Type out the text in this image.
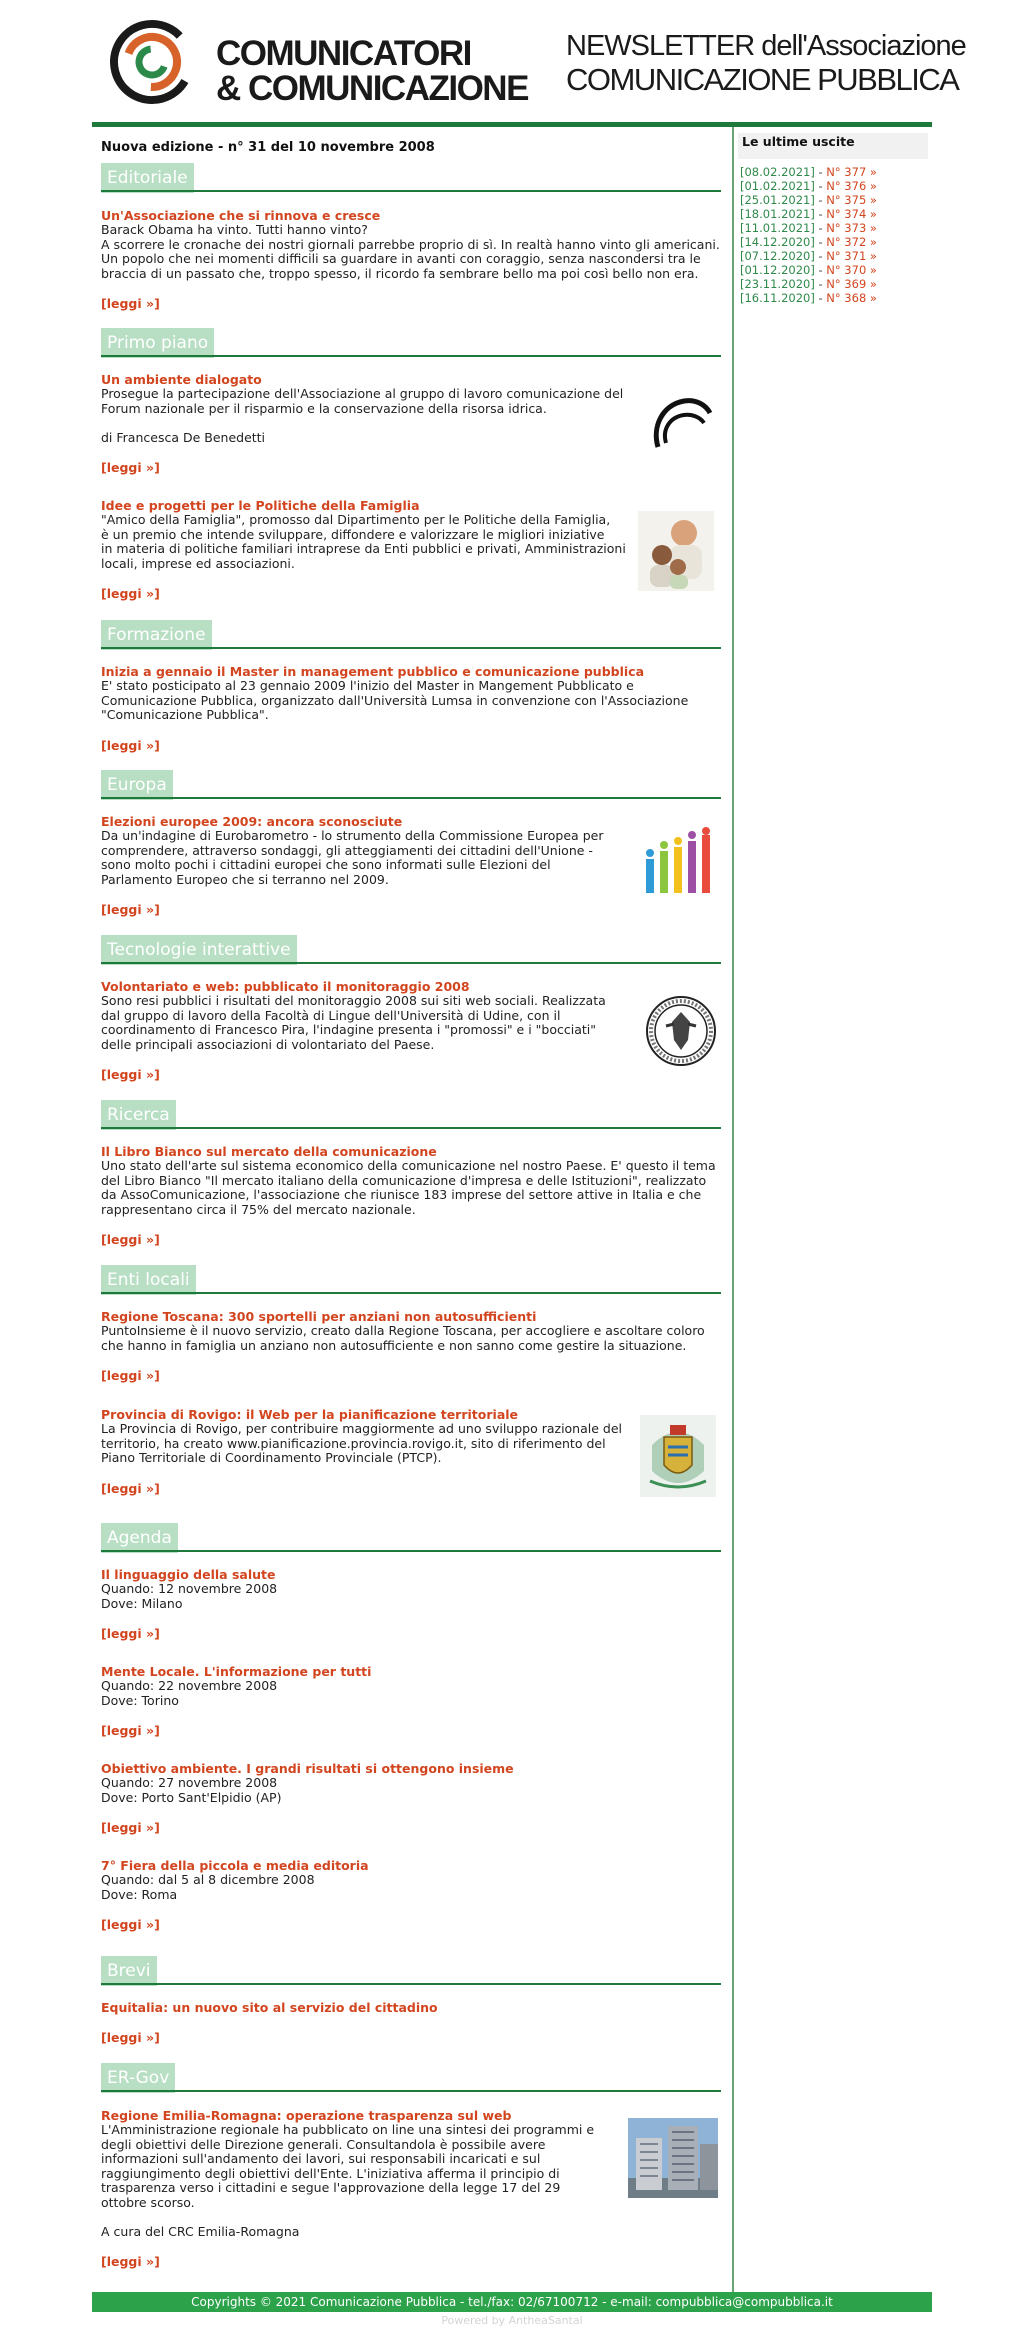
COMUNICATORI
& COMUNICAZIONE
NEWSLETTER dell'Associazione
COMUNICAZIONE PUBBLICA
Nuova edizione - n° 31 del 10 novembre 2008
Editoriale
Un'Associazione che si rinnova e cresce

Barack Obama ha vinto. Tutti hanno vinto?

A scorrere le cronache dei nostri giornali parrebbe proprio di sì. In realtà hanno vinto gli americani.

Un popolo che nei momenti difficili sa guardare in avanti con coraggio, senza nascondersi tra le

braccia di un passato che, troppo spesso, il ricordo fa sembrare bello ma poi così bello non era.

[leggi »]
Primo piano
Un ambiente dialogato

Prosegue la partecipazione dell'Associazione al gruppo di lavoro comunicazione del

Forum nazionale per il risparmio e la conservazione della risorsa idrica.

di Francesca De Benedetti

[leggi »]
Idee e progetti per le Politiche della Famiglia

"Amico della Famiglia", promosso dal Dipartimento per le Politiche della Famiglia,

è un premio che intende sviluppare, diffondere e valorizzare le migliori iniziative

in materia di politiche familiari intraprese da Enti pubblici e privati, Amministrazioni

locali, imprese ed associazioni.

[leggi »]
Formazione
Inizia a gennaio il Master in management pubblico e comunicazione pubblica

E' stato posticipato al 23 gennaio 2009 l'inizio del Master in Mangement Pubblicato e

Comunicazione Pubblica, organizzato dall'Università Lumsa in convenzione con l'Associazione

"Comunicazione Pubblica".

[leggi »]
Europa
Elezioni europee 2009: ancora sconosciute

Da un'indagine di Eurobarometro - lo strumento della Commissione Europea per

comprendere, attraverso sondaggi, gli atteggiamenti dei cittadini dell'Unione -

sono molto pochi i cittadini europei che sono informati sulle Elezioni del

Parlamento Europeo che si terranno nel 2009.

[leggi »]
Tecnologie interattive
Volontariato e web: pubblicato il monitoraggio 2008

Sono resi pubblici i risultati del monitoraggio 2008 sui siti web sociali. Realizzata

dal gruppo di lavoro della Facoltà di Lingue dell'Università di Udine, con il

coordinamento di Francesco Pira, l'indagine presenta i "promossi" e i "bocciati"

delle principali associazioni di volontariato del Paese.

[leggi »]
Ricerca
Il Libro Bianco sul mercato della comunicazione

Uno stato dell'arte sul sistema economico della comunicazione nel nostro Paese. E' questo il tema

del Libro Bianco "Il mercato italiano della comunicazione d'impresa e delle Istituzioni", realizzato

da AssoComunicazione, l'associazione che riunisce 183 imprese del settore attive in Italia e che

rappresentano circa il 75% del mercato nazionale.

[leggi »]
Enti locali
Regione Toscana: 300 sportelli per anziani non autosufficienti

PuntoInsieme è il nuovo servizio, creato dalla Regione Toscana, per accogliere e ascoltare coloro

che hanno in famiglia un anziano non autosufficiente e non sanno come gestire la situazione.

[leggi »]
Provincia di Rovigo: il Web per la pianificazione territoriale

La Provincia di Rovigo, per contribuire maggiormente ad uno sviluppo razionale del

territorio, ha creato www.pianificazione.provincia.rovigo.it, sito di riferimento del

Piano Territoriale di Coordinamento Provinciale (PTCP).

[leggi »]
Agenda
Il linguaggio della salute

Quando: 12 novembre 2008

Dove: Milano

[leggi »]
Mente Locale. L'informazione per tutti

Quando: 22 novembre 2008

Dove: Torino

[leggi »]
Obiettivo ambiente. I grandi risultati si ottengono insieme

Quando: 27 novembre 2008

Dove: Porto Sant'Elpidio (AP)

[leggi »]
7° Fiera della piccola e media editoria

Quando: dal 5 al 8 dicembre 2008

Dove: Roma

[leggi »]
Brevi
Equitalia: un nuovo sito al servizio del cittadino
[leggi »]
ER-Gov
Regione Emilia-Romagna: operazione trasparenza sul web

L'Amministrazione regionale ha pubblicato on line una sintesi dei programmi e

degli obiettivi delle Direzione generali. Consultandola è possibile avere

informazioni sull'andamento dei lavori, sui responsabili incaricati e sul

raggiungimento degli obiettivi dell'Ente. L'iniziativa afferma il principio di

trasparenza verso i cittadini e segue l'approvazione della legge 17 del 29

ottobre scorso.

A cura del CRC Emilia-Romagna

[leggi »]
Le ultime uscite
[08.02.2021] - N° 377 »
[01.02.2021] - N° 376 »
[25.01.2021] - N° 375 »
[18.01.2021] - N° 374 »
[11.01.2021] - N° 373 »
[14.12.2020] - N° 372 »
[07.12.2020] - N° 371 »
[01.12.2020] - N° 370 »
[23.11.2020] - N° 369 »
[16.11.2020] - N° 368 »
Copyrights © 2021 Comunicazione Pubblica - tel./fax: 02/67100712 - e-mail: compubblica@compubblica.it
Powered by AntheaSantal
